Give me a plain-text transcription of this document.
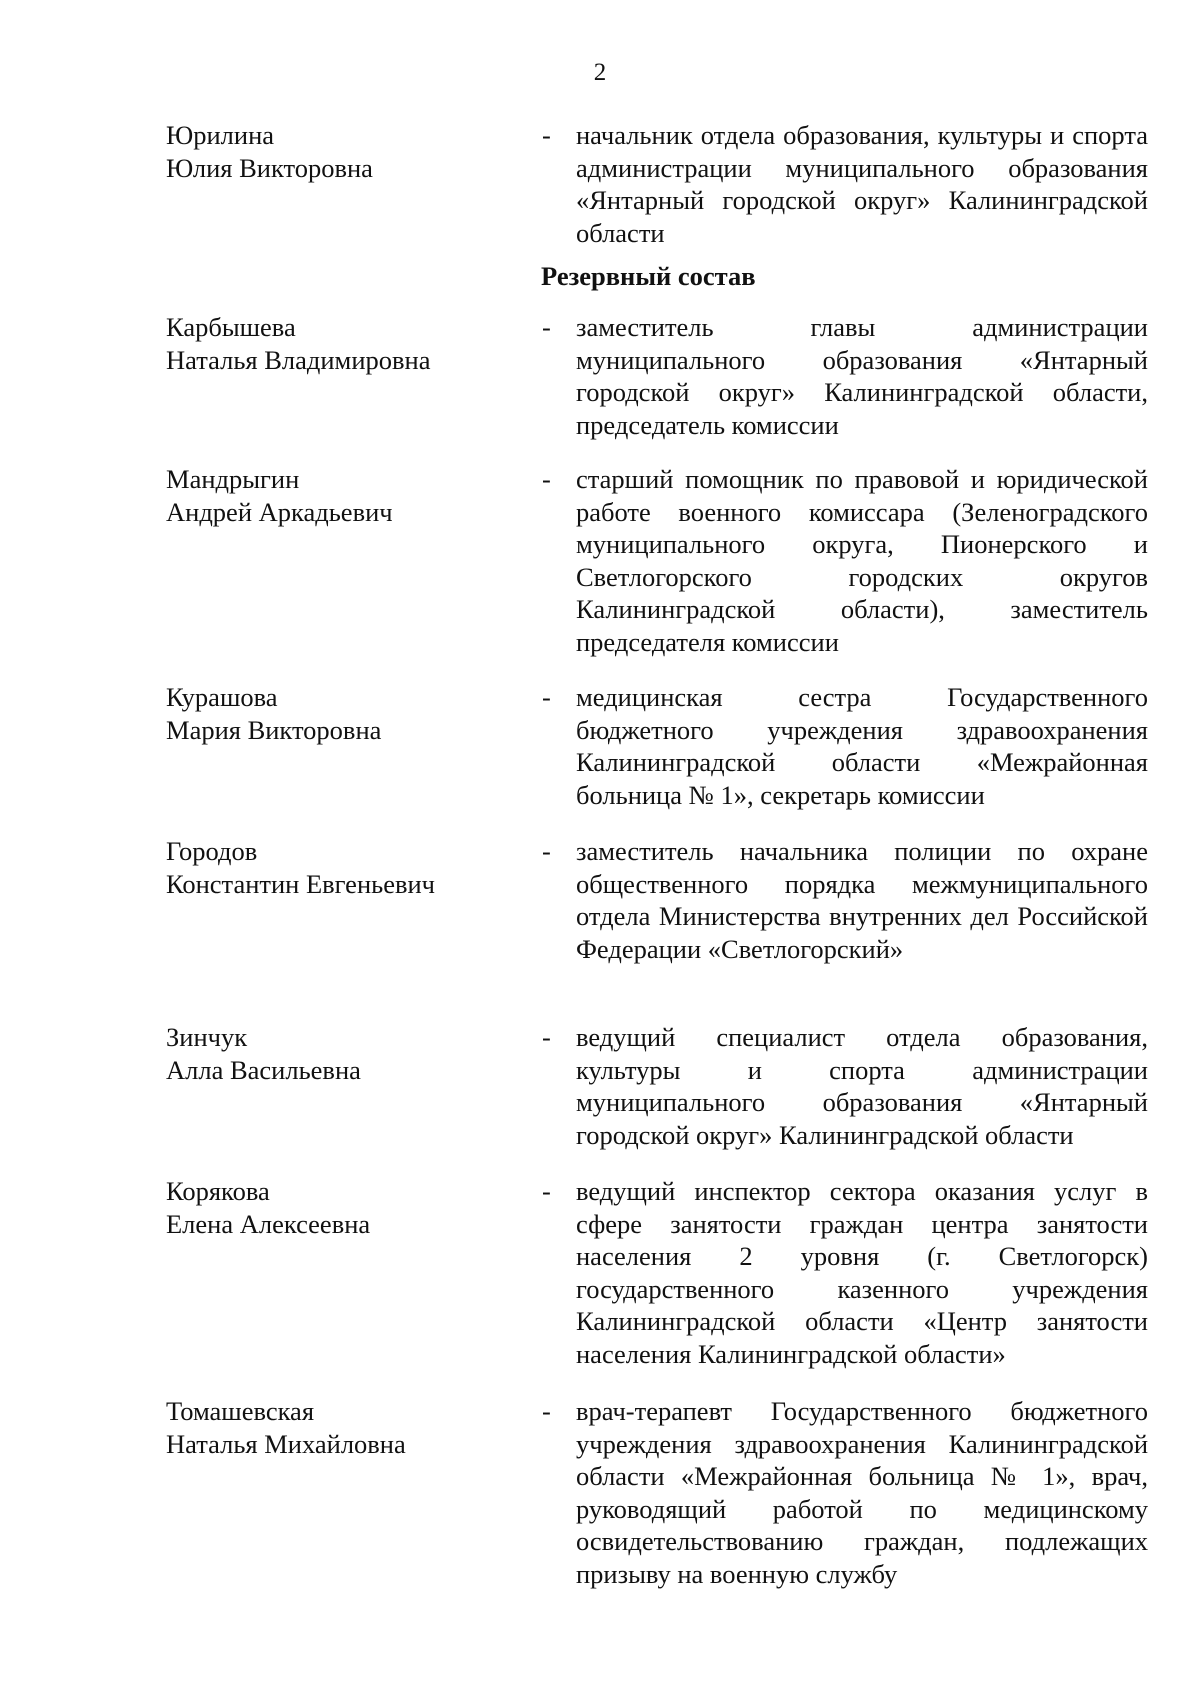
2
Юрилина
Юлия Викторовна
- начальник отдела образования, культуры и спорта администрации муниципального образования «Янтарный городской округ» Калининградской области
Резервный состав
Карбышева
Наталья Владимировна
- заместитель главы администрации муниципального образования «Янтарный городской округ» Калининградской области, председатель комиссии
Мандрыгин
Андрей Аркадьевич
- старший помощник по правовой и юридической работе военного комиссара (Зеленоградского муниципального округа, Пионерского и Светлогорского городских округов Калининградской области), заместитель председателя комиссии
Курашова
Мария Викторовна
- медицинская сестра Государственного бюджетного учреждения здравоохранения Калининградской области «Межрайонная больница № 1», секретарь комиссии
Городов
Константин Евгеньевич
- заместитель начальника полиции по охране общественного порядка межмуниципального отдела Министерства внутренних дел Российской Федерации «Светлогорский»
Зинчук
Алла Васильевна
- ведущий специалист отдела образования, культуры и спорта администрации муниципального образования «Янтарный городской округ» Калининградской области
Корякова
Елена Алексеевна
- ведущий инспектор сектора оказания услуг в сфере занятости граждан центра занятости населения 2 уровня (г. Светлогорск) государственного казенного учреждения Калининградской области «Центр занятости населения Калининградской области»
Томашевская
Наталья Михайловна
- врач-терапевт Государственного бюджетного учреждения здравоохранения Калининградской области «Межрайонная больница № 1», врач, руководящий работой по медицинскому освидетельствованию граждан, подлежащих призыву на военную службу
